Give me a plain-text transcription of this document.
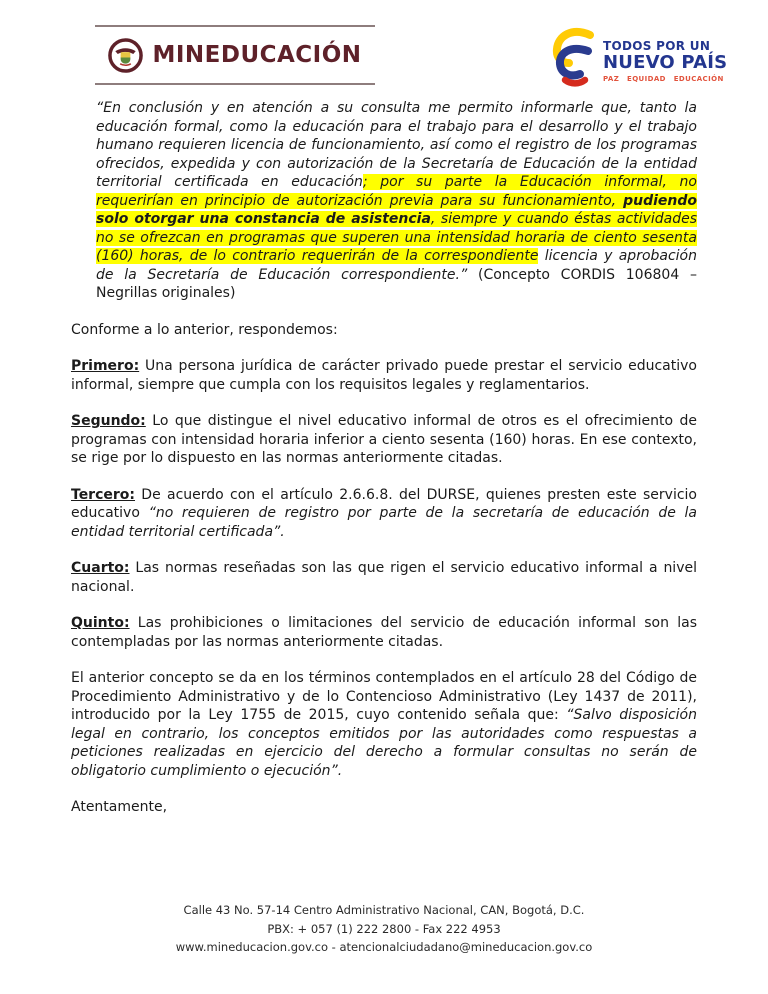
MINEDUCACIÓN	TODOS POR UN
NUEVO PAÍS
PAZ EQUIDAD EDUCACIÓN

“En conclusión y en atención a su consulta me permito informarle que, tanto la educación formal, como la educación para el trabajo para el desarrollo y el trabajo humano requieren licencia de funcionamiento, así como el registro de los programas ofrecidos, expedida y con autorización de la Secretaría de Educación de la entidad territorial certificada en educación; por su parte la Educación informal, no requerirían en principio de autorización previa para su funcionamiento, pudiendo solo otorgar una constancia de asistencia, siempre y cuando éstas actividades no se ofrezcan en programas que superen una intensidad horaria de ciento sesenta (160) horas, de lo contrario requerirán de la correspondiente licencia y aprobación de la Secretaría de Educación correspondiente.” (Concepto CORDIS 106804 – Negrillas originales)

Conforme a lo anterior, respondemos:

Primero: Una persona jurídica de carácter privado puede prestar el servicio educativo informal, siempre que cumpla con los requisitos legales y reglamentarios.

Segundo: Lo que distingue el nivel educativo informal de otros es el ofrecimiento de programas con intensidad horaria inferior a ciento sesenta (160) horas. En ese contexto, se rige por lo dispuesto en las normas anteriormente citadas.

Tercero: De acuerdo con el artículo 2.6.6.8. del DURSE, quienes presten este servicio educativo “no requieren de registro por parte de la secretaría de educación de la entidad territorial certificada”.

Cuarto: Las normas reseñadas son las que rigen el servicio educativo informal a nivel nacional.

Quinto: Las prohibiciones o limitaciones del servicio de educación informal son las contempladas por las normas anteriormente citadas.

El anterior concepto se da en los términos contemplados en el artículo 28 del Código de Procedimiento Administrativo y de lo Contencioso Administrativo (Ley 1437 de 2011), introducido por la Ley 1755 de 2015, cuyo contenido señala que: “Salvo disposición legal en contrario, los conceptos emitidos por las autoridades como respuestas a peticiones realizadas en ejercicio del derecho a formular consultas no serán de obligatorio cumplimiento o ejecución”.

Atentamente,

Calle 43 No. 57-14 Centro Administrativo Nacional, CAN, Bogotá, D.C.
PBX: + 057 (1) 222 2800 - Fax 222 4953
www.mineducacion.gov.co - atencionalciudadano@mineducacion.gov.co
